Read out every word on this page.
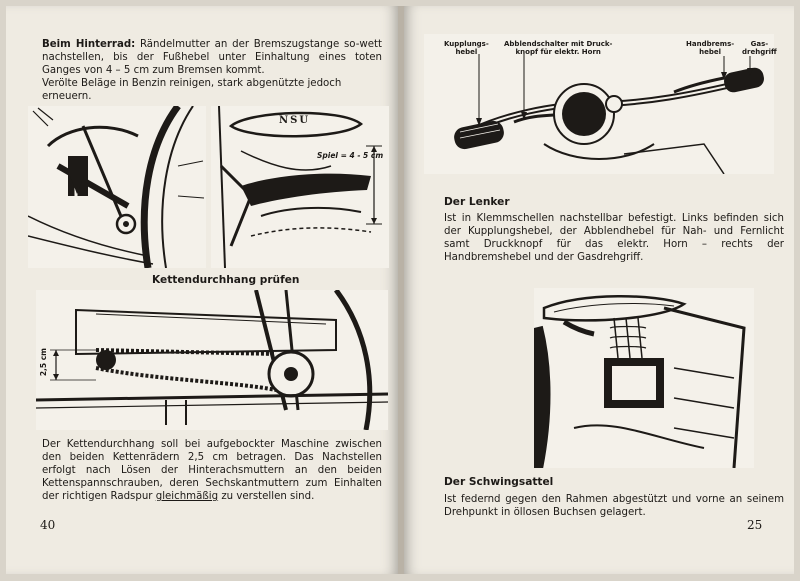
Beim Hinterrad: Rändelmutter an der Bremszugstange so-wett nachstellen, bis der Fußhebel unter Einhaltung eines toten Ganges von 4 – 5 cm zum Bremsen kommt.
Verölte Beläge in Benzin reinigen, stark abgenützte jedoch erneuern.
NSU
Spiel = 4 - 5 cm
Kettendurchhang prüfen
2,5 cm
Der Kettendurchhang soll bei aufgebockter Maschine zwischen den beiden Kettenrädern 2,5 cm betragen. Das Nachstellen erfolgt nach Lösen der Hinterachsmuttern an den beiden Kettenspannschrauben, deren Sechskantmuttern zum Einhalten der richtigen Radspur gleichmäßig zu verstellen sind.
40
Kupplungs-
hebel
Abblendschalter mit Druck-
knopf für elektr. Horn
Handbrems-
hebel
Gas-
drehgriff
Der Lenker
Ist in Klemmschellen nachstellbar befestigt. Links befinden sich der Kupplungshebel, der Abblendhebel für Nah- und Fernlicht samt Druckknopf für das elektr. Horn – rechts der Handbremshebel und der Gasdrehgriff.
Der Schwingsattel
Ist federnd gegen den Rahmen abgestützt und vorne an seinem Drehpunkt in öllosen Buchsen gelagert.
25
